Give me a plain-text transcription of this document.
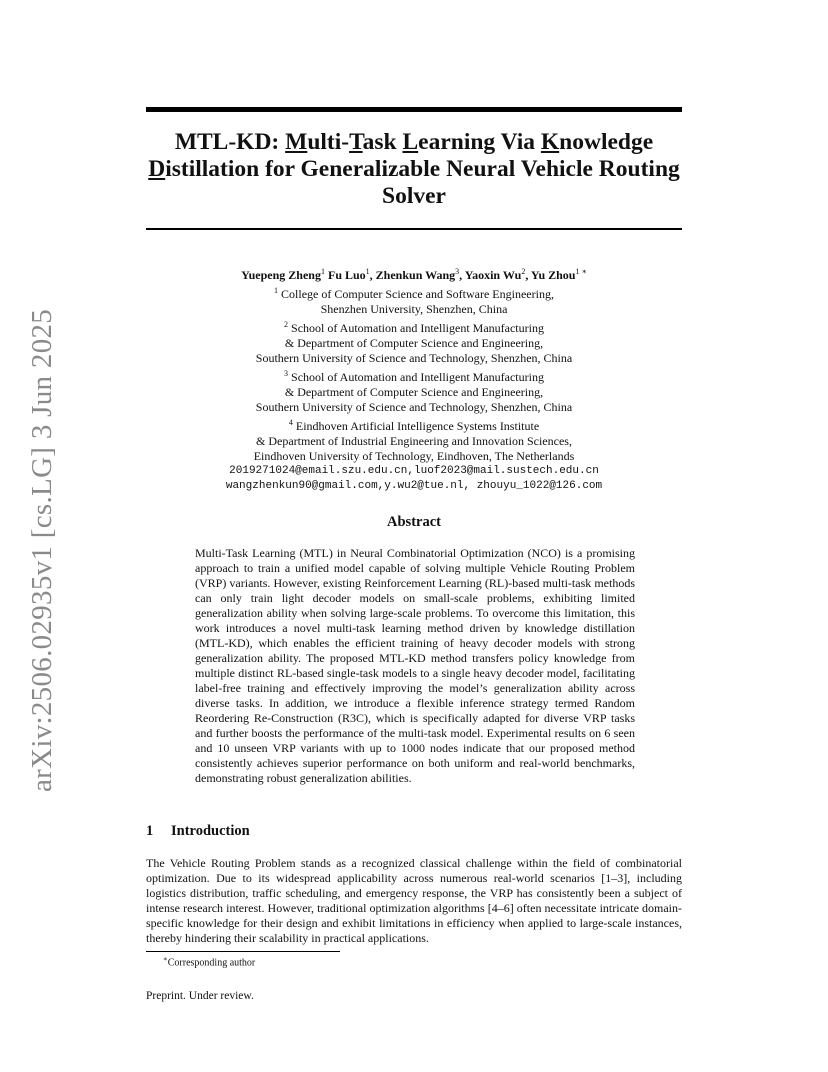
arXiv:2506.02935v1 [cs.LG] 3 Jun 2025
MTL-KD: Multi-Task Learning Via Knowledge
Distillation for Generalizable Neural Vehicle Routing
Solver
Yuepeng Zheng$^1$ Fu Luo$^1$, Zhenkun Wang$^3$, Yaoxin Wu$^2$, Yu Zhou$^{1 ∗}$
$^1$ College of Computer Science and Software Engineering,
Shenzhen University, Shenzhen, China
$^2$ School of Automation and Intelligent Manufacturing
& Department of Computer Science and Engineering,
Southern University of Science and Technology, Shenzhen, China
$^3$ School of Automation and Intelligent Manufacturing
& Department of Computer Science and Engineering,
Southern University of Science and Technology, Shenzhen, China
$^4$ Eindhoven Artificial Intelligence Systems Institute
& Department of Industrial Engineering and Innovation Sciences,
Eindhoven University of Technology, Eindhoven, The Netherlands
2019271024@email.szu.edu.cn,luof2023@mail.sustech.edu.cn
wangzhenkun90@gmail.com,y.wu2@tue.nl, zhouyu_1022@126.com
Abstract

Multi-Task Learning (MTL) in Neural Combinatorial Optimization (NCO) is a promising approach to train a unified model capable of solving multiple Vehicle Routing Problem (VRP) variants. However, existing Reinforcement Learning (RL)-based multi-task methods can only train light decoder models on small-scale problems, exhibiting limited generalization ability when solving large-scale problems. To overcome this limitation, this work introduces a novel multi-task learning method driven by knowledge distillation (MTL-KD), which enables the efficient training of heavy decoder models with strong generalization ability. The proposed MTL-KD method transfers policy knowledge from multiple distinct RL-based single-task models to a single heavy decoder model, facilitating label-free training and effectively improving the model’s generalization ability across diverse tasks. In addition, we introduce a flexible inference strategy termed Random Reordering Re-Construction (R3C), which is specifically adapted for diverse VRP tasks and further boosts the performance of the multi-task model. Experimental results on 6 seen and 10 unseen VRP variants with up to 1000 nodes indicate that our proposed method consistently achieves superior performance on both uniform and real-world benchmarks, demonstrating robust generalization abilities.

1 Introduction

The Vehicle Routing Problem stands as a recognized classical challenge within the field of combinatorial optimization. Due to its widespread applicability across numerous real-world scenarios [1–3], including logistics distribution, traffic scheduling, and emergency response, the VRP has consistently been a subject of intense research interest. However, traditional optimization algorithms [4–6] often necessitate intricate domain-specific knowledge for their design and exhibit limitations in efficiency when applied to large-scale instances, thereby hindering their scalability in practical applications.

∗Corresponding author
Preprint. Under review.
